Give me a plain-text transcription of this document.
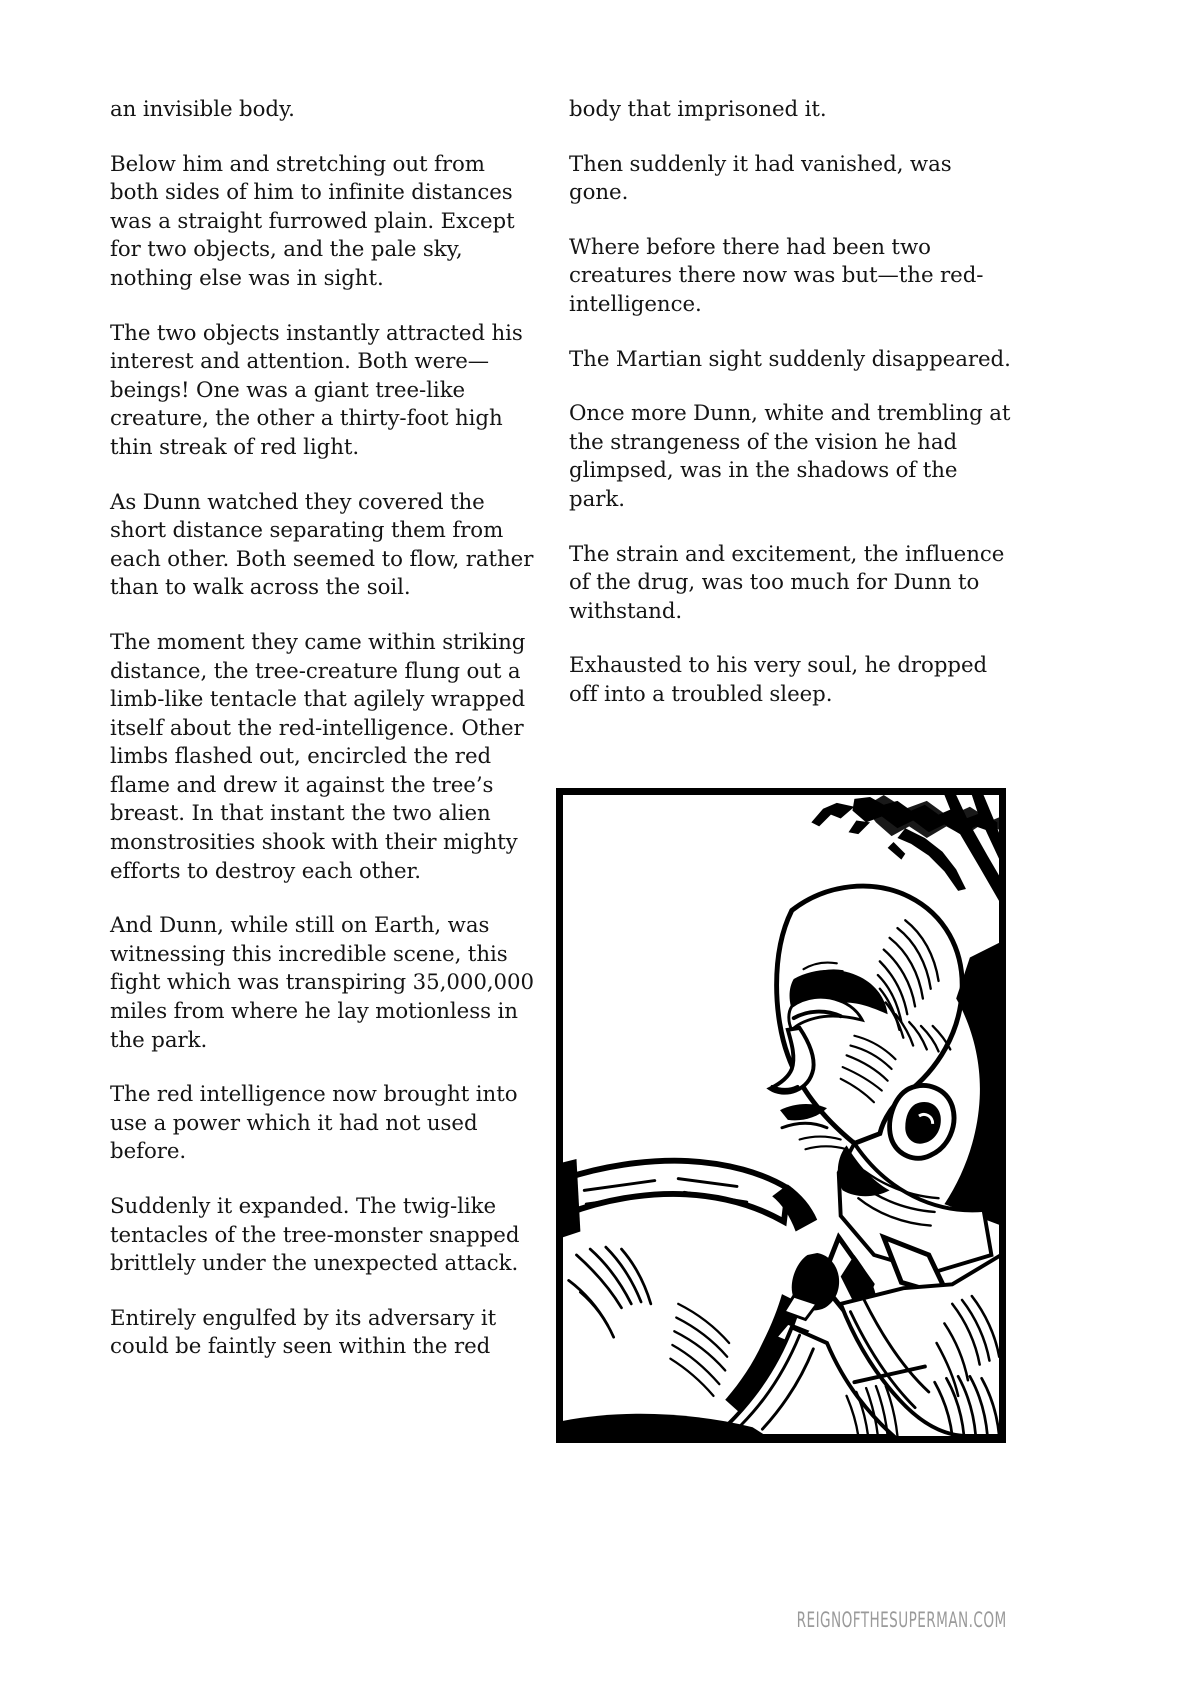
an invisible body.

Below him and stretching out from both sides of him to infinite distances was a straight furrowed plain. Except for two objects, and the pale sky, nothing else was in sight.

The two objects instantly attracted his interest and attention. Both were—beings! One was a giant tree-like creature, the other a thirty-foot high thin streak of red light.

As Dunn watched they covered the short distance separating them from each other. Both seemed to flow, rather than to walk across the soil.

The moment they came within striking distance, the tree-creature flung out a limb-like tentacle that agilely wrapped itself about the red-intelligence. Other limbs flashed out, encircled the red flame and drew it against the tree’s breast. In that instant the two alien monstrosities shook with their mighty efforts to destroy each other.

And Dunn, while still on Earth, was witnessing this incredible scene, this fight which was transpiring 35,000,000 miles from where he lay motionless in the park.

The red intelligence now brought into use a power which it had not used before.

Suddenly it expanded. The twig-like tentacles of the tree-monster snapped brittlely under the unexpected attack.

Entirely engulfed by its adversary it could be faintly seen within the red

body that imprisoned it.

Then suddenly it had vanished, was gone.

Where before there had been two creatures there now was but—the red-intelligence.

The Martian sight suddenly disappeared.

Once more Dunn, white and trembling at the strangeness of the vision he had glimpsed, was in the shadows of the park.

The strain and excitement, the influence of the drug, was too much for Dunn to withstand.

Exhausted to his very soul, he dropped off into a troubled sleep.

REIGNOFTHESUPERMAN.COM
